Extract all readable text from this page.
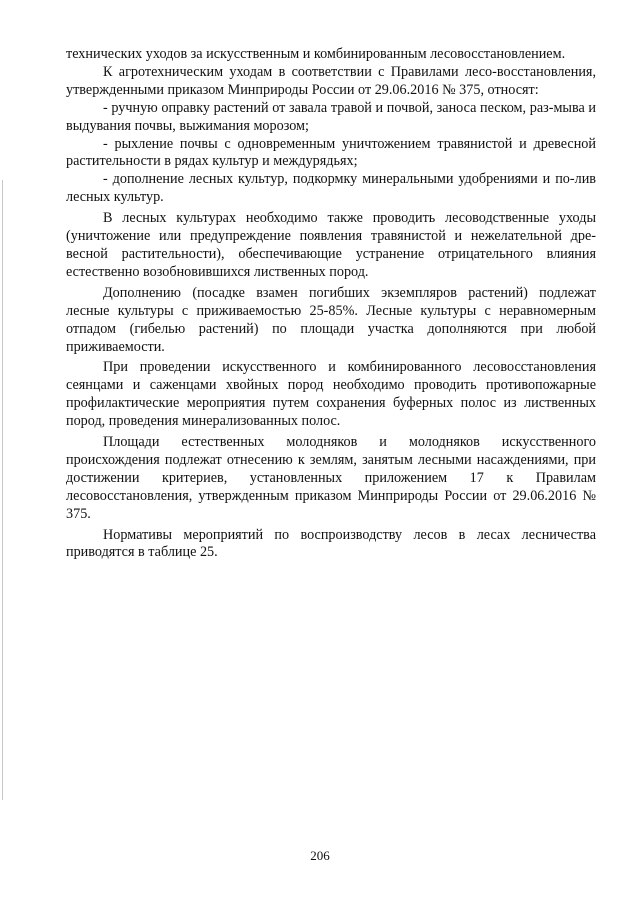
технических уходов за искусственным и комбинированным лесовосстановлением.

К агротехническим уходам в соответствии с Правилами лесо-восстановления, утвержденными приказом Минприроды России от 29.06.2016 № 375, относят:

- ручную оправку растений от завала травой и почвой, заноса песком, раз-мыва и выдувания почвы, выжимания морозом;

- рыхление почвы с одновременным уничтожением травянистой и древесной растительности в рядах культур и междурядьях;

- дополнение лесных культур, подкормку минеральными удобрениями и по-лив лесных культур.

В лесных культурах необходимо также проводить лесоводственные уходы (уничтожение или предупреждение появления травянистой и нежелательной дре-весной растительности), обеспечивающие устранение отрицательного влияния естественно возобновившихся лиственных пород.

Дополнению (посадке взамен погибших экземпляров растений) подлежат лесные культуры с приживаемостью 25-85%. Лесные культуры с неравномерным отпадом (гибелью растений) по площади участка дополняются при любой приживаемости.

При проведении искусственного и комбинированного лесовосстановления сеянцами и саженцами хвойных пород необходимо проводить противопожарные профилактические мероприятия путем сохранения буферных полос из лиственных пород, проведения минерализованных полос.

Площади естественных молодняков и молодняков искусственного происхождения подлежат отнесению к землям, занятым лесными насаждениями, при достижении критериев, установленных приложением 17 к Правилам лесовосстановления, утвержденным приказом Минприроды России от 29.06.2016 № 375.

Нормативы мероприятий по воспроизводству лесов в лесах лесничества приводятся в таблице 25.

206
